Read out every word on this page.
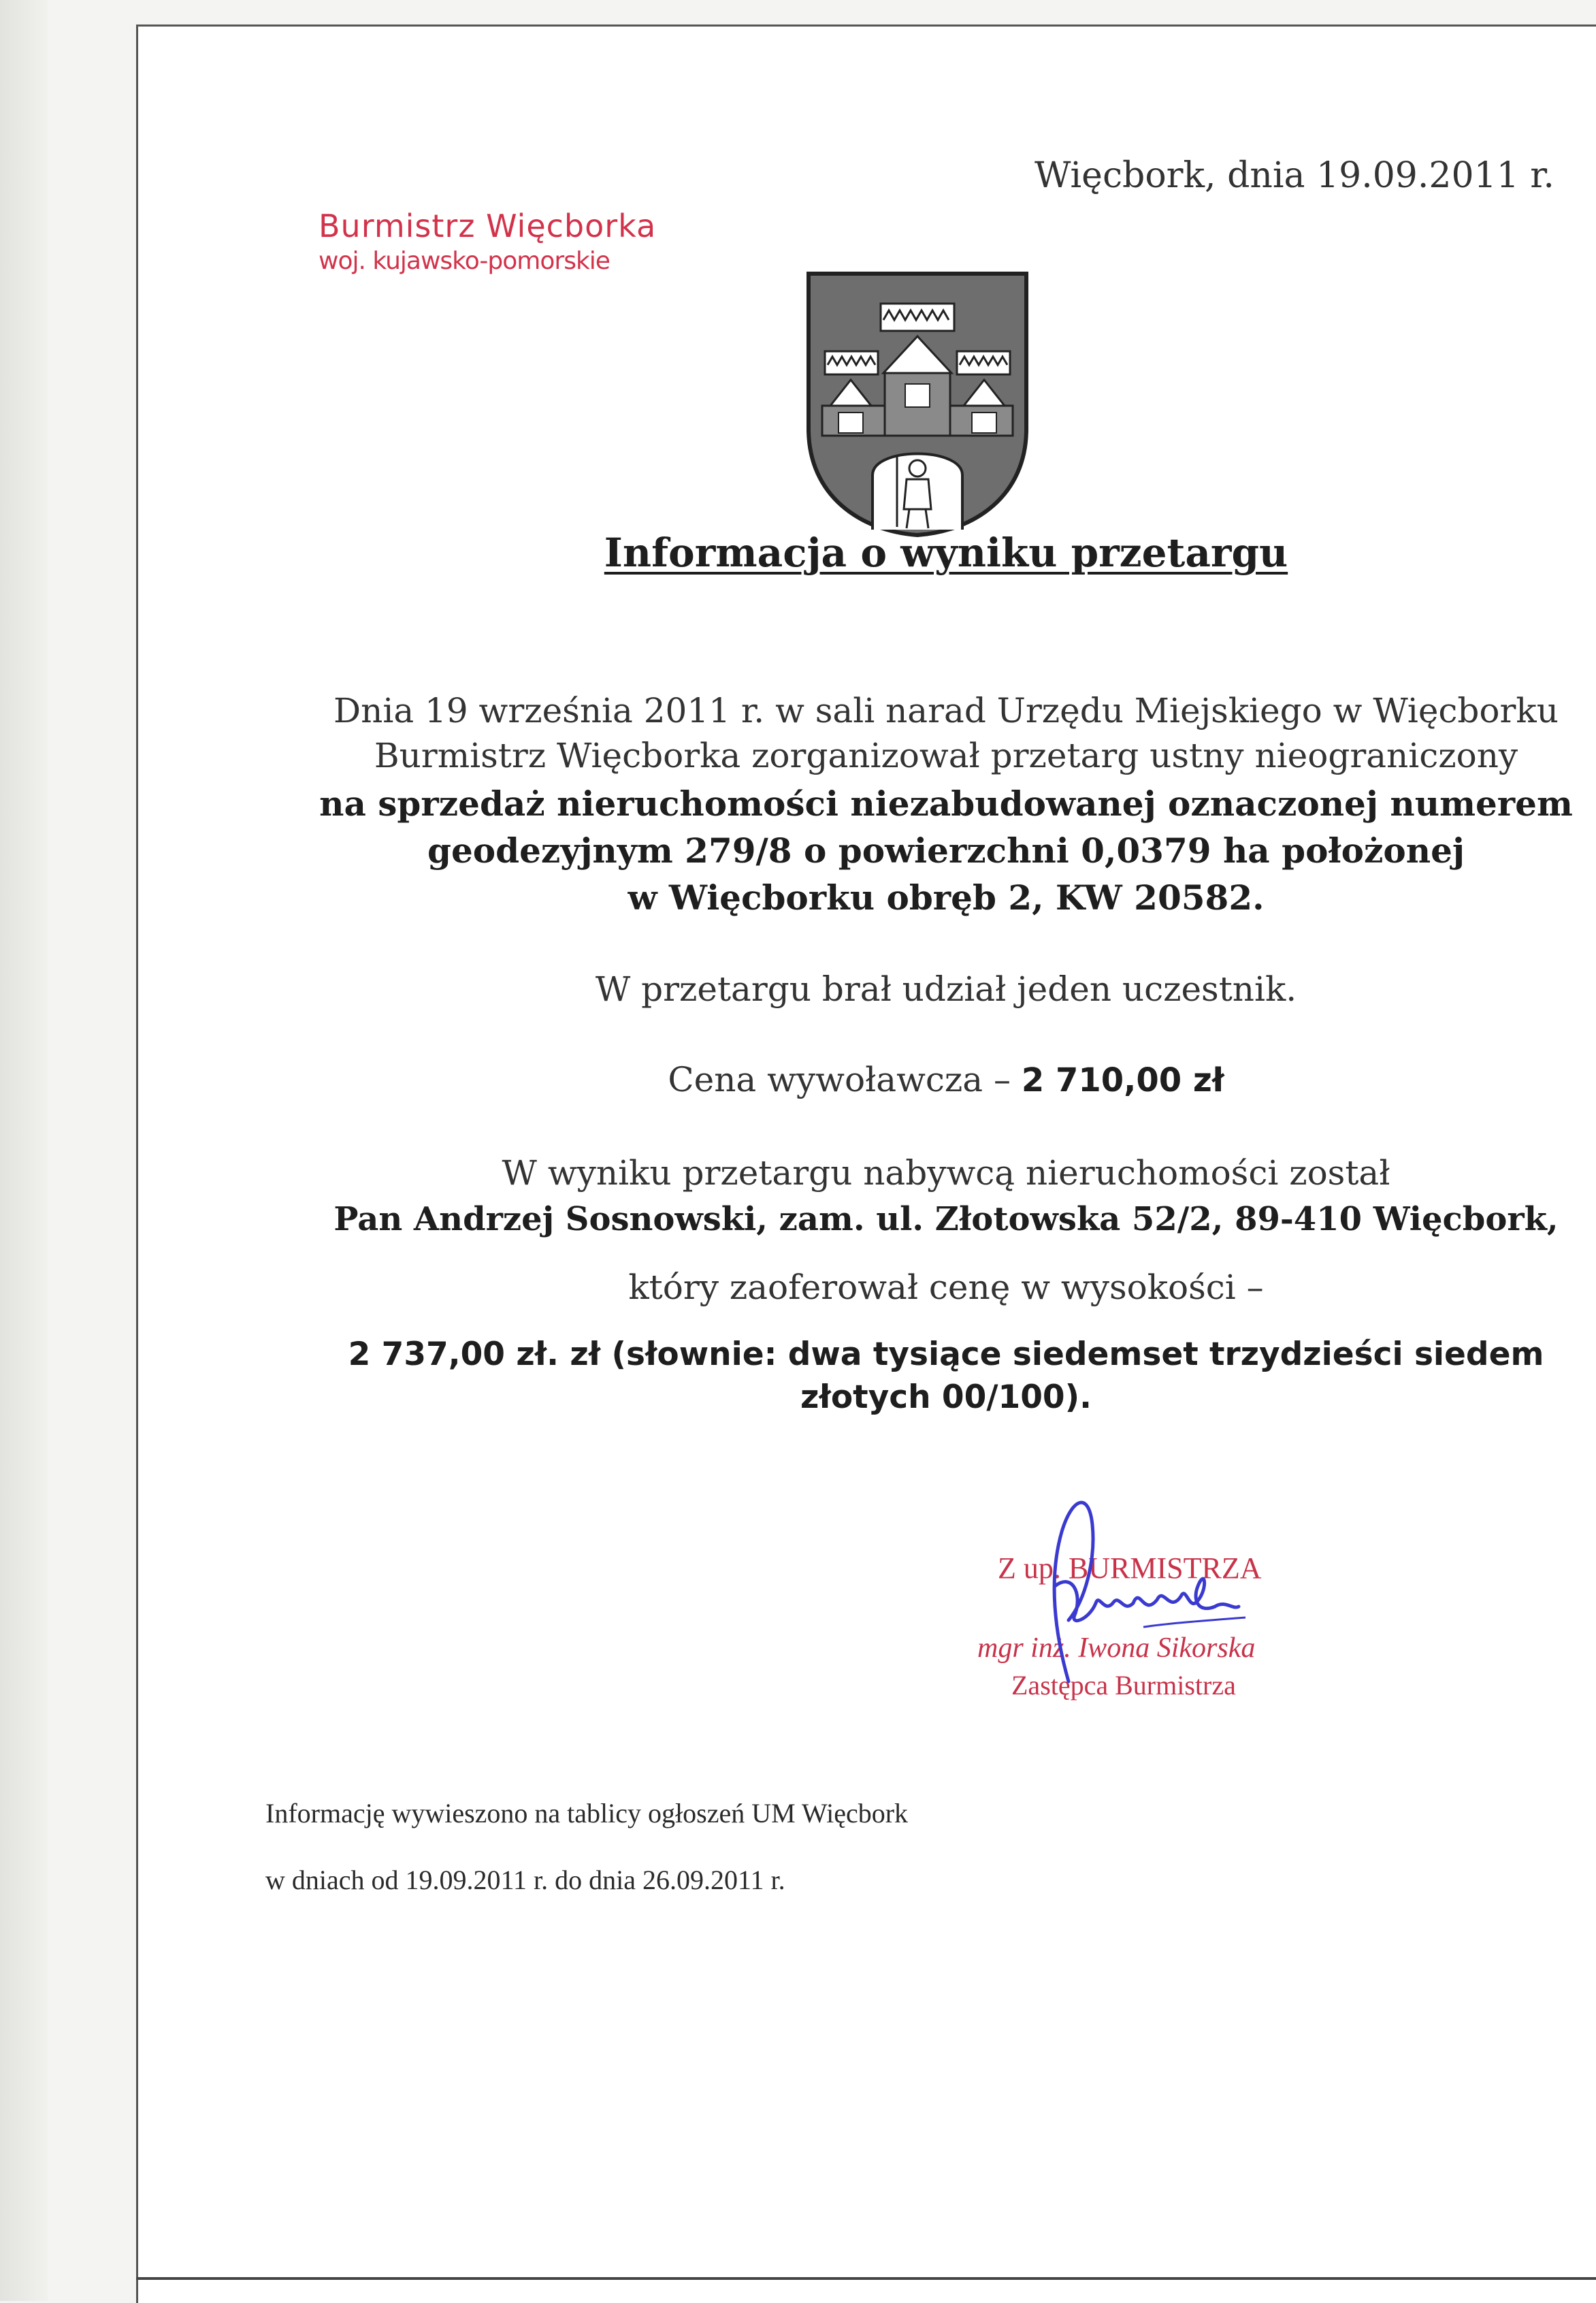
Burmistrz Więcborka
woj. kujawsko-pomorskie
Więcbork, dnia 19.09.2011 r.
Informacja o wyniku przetargu
Dnia 19 września 2011 r. w sali narad Urzędu Miejskiego w Więcborku
Burmistrz Więcborka zorganizował przetarg ustny nieograniczony
na sprzedaż nieruchomości niezabudowanej oznaczonej numerem
geodezyjnym 279/8 o powierzchni 0,0379 ha położonej
w Więcborku obręb 2, KW 20582.
W przetargu brał udział jeden uczestnik.
Cena wywoławcza – 2 710,00 zł
W wyniku przetargu nabywcą nieruchomości został
Pan Andrzej Sosnowski, zam. ul. Złotowska 52/2, 89-410 Więcbork,
który zaoferował cenę w wysokości –
2 737,00 zł. zł (słownie: dwa tysiące siedemset trzydzieści siedem
złotych 00/100).
Z up. BURMISTRZA
mgr inż. Iwona Sikorska
Zastępca Burmistrza
Informację wywieszono na tablicy ogłoszeń UM Więcbork
w dniach od 19.09.2011 r. do dnia 26.09.2011 r.
